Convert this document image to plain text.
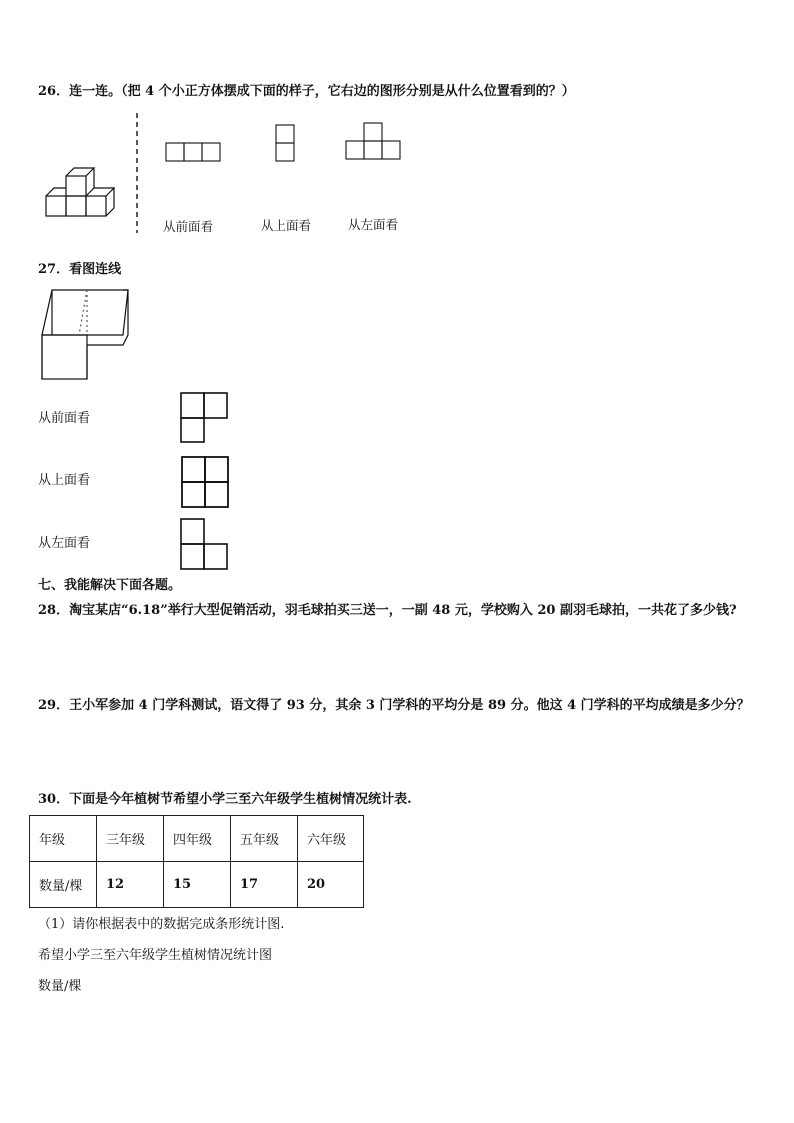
26．连一连。（把 4 个小正方体摆成下面的样子，它右边的图形分别是从什么位置看到的？）
从前面看	从上面看	从左面看
27．看图连线
从前面看
从上面看
从左面看
七、我能解决下面各题。
28．淘宝某店“6.18”举行大型促销活动，羽毛球拍买三送一，一副 48 元，学校购入 20 副羽毛球拍，一共花了多少钱?
29．王小军参加 4 门学科测试，语文得了 93 分，其余 3 门学科的平均分是 89 分。他这 4 门学科的平均成绩是多少分？
30．下面是今年植树节希望小学三至六年级学生植树情况统计表.
年级	三年级	四年级	五年级	六年级
数量/棵	12	15	17	20
（1）请你根据表中的数据完成条形统计图.
希望小学三至六年级学生植树情况统计图
数量/棵
